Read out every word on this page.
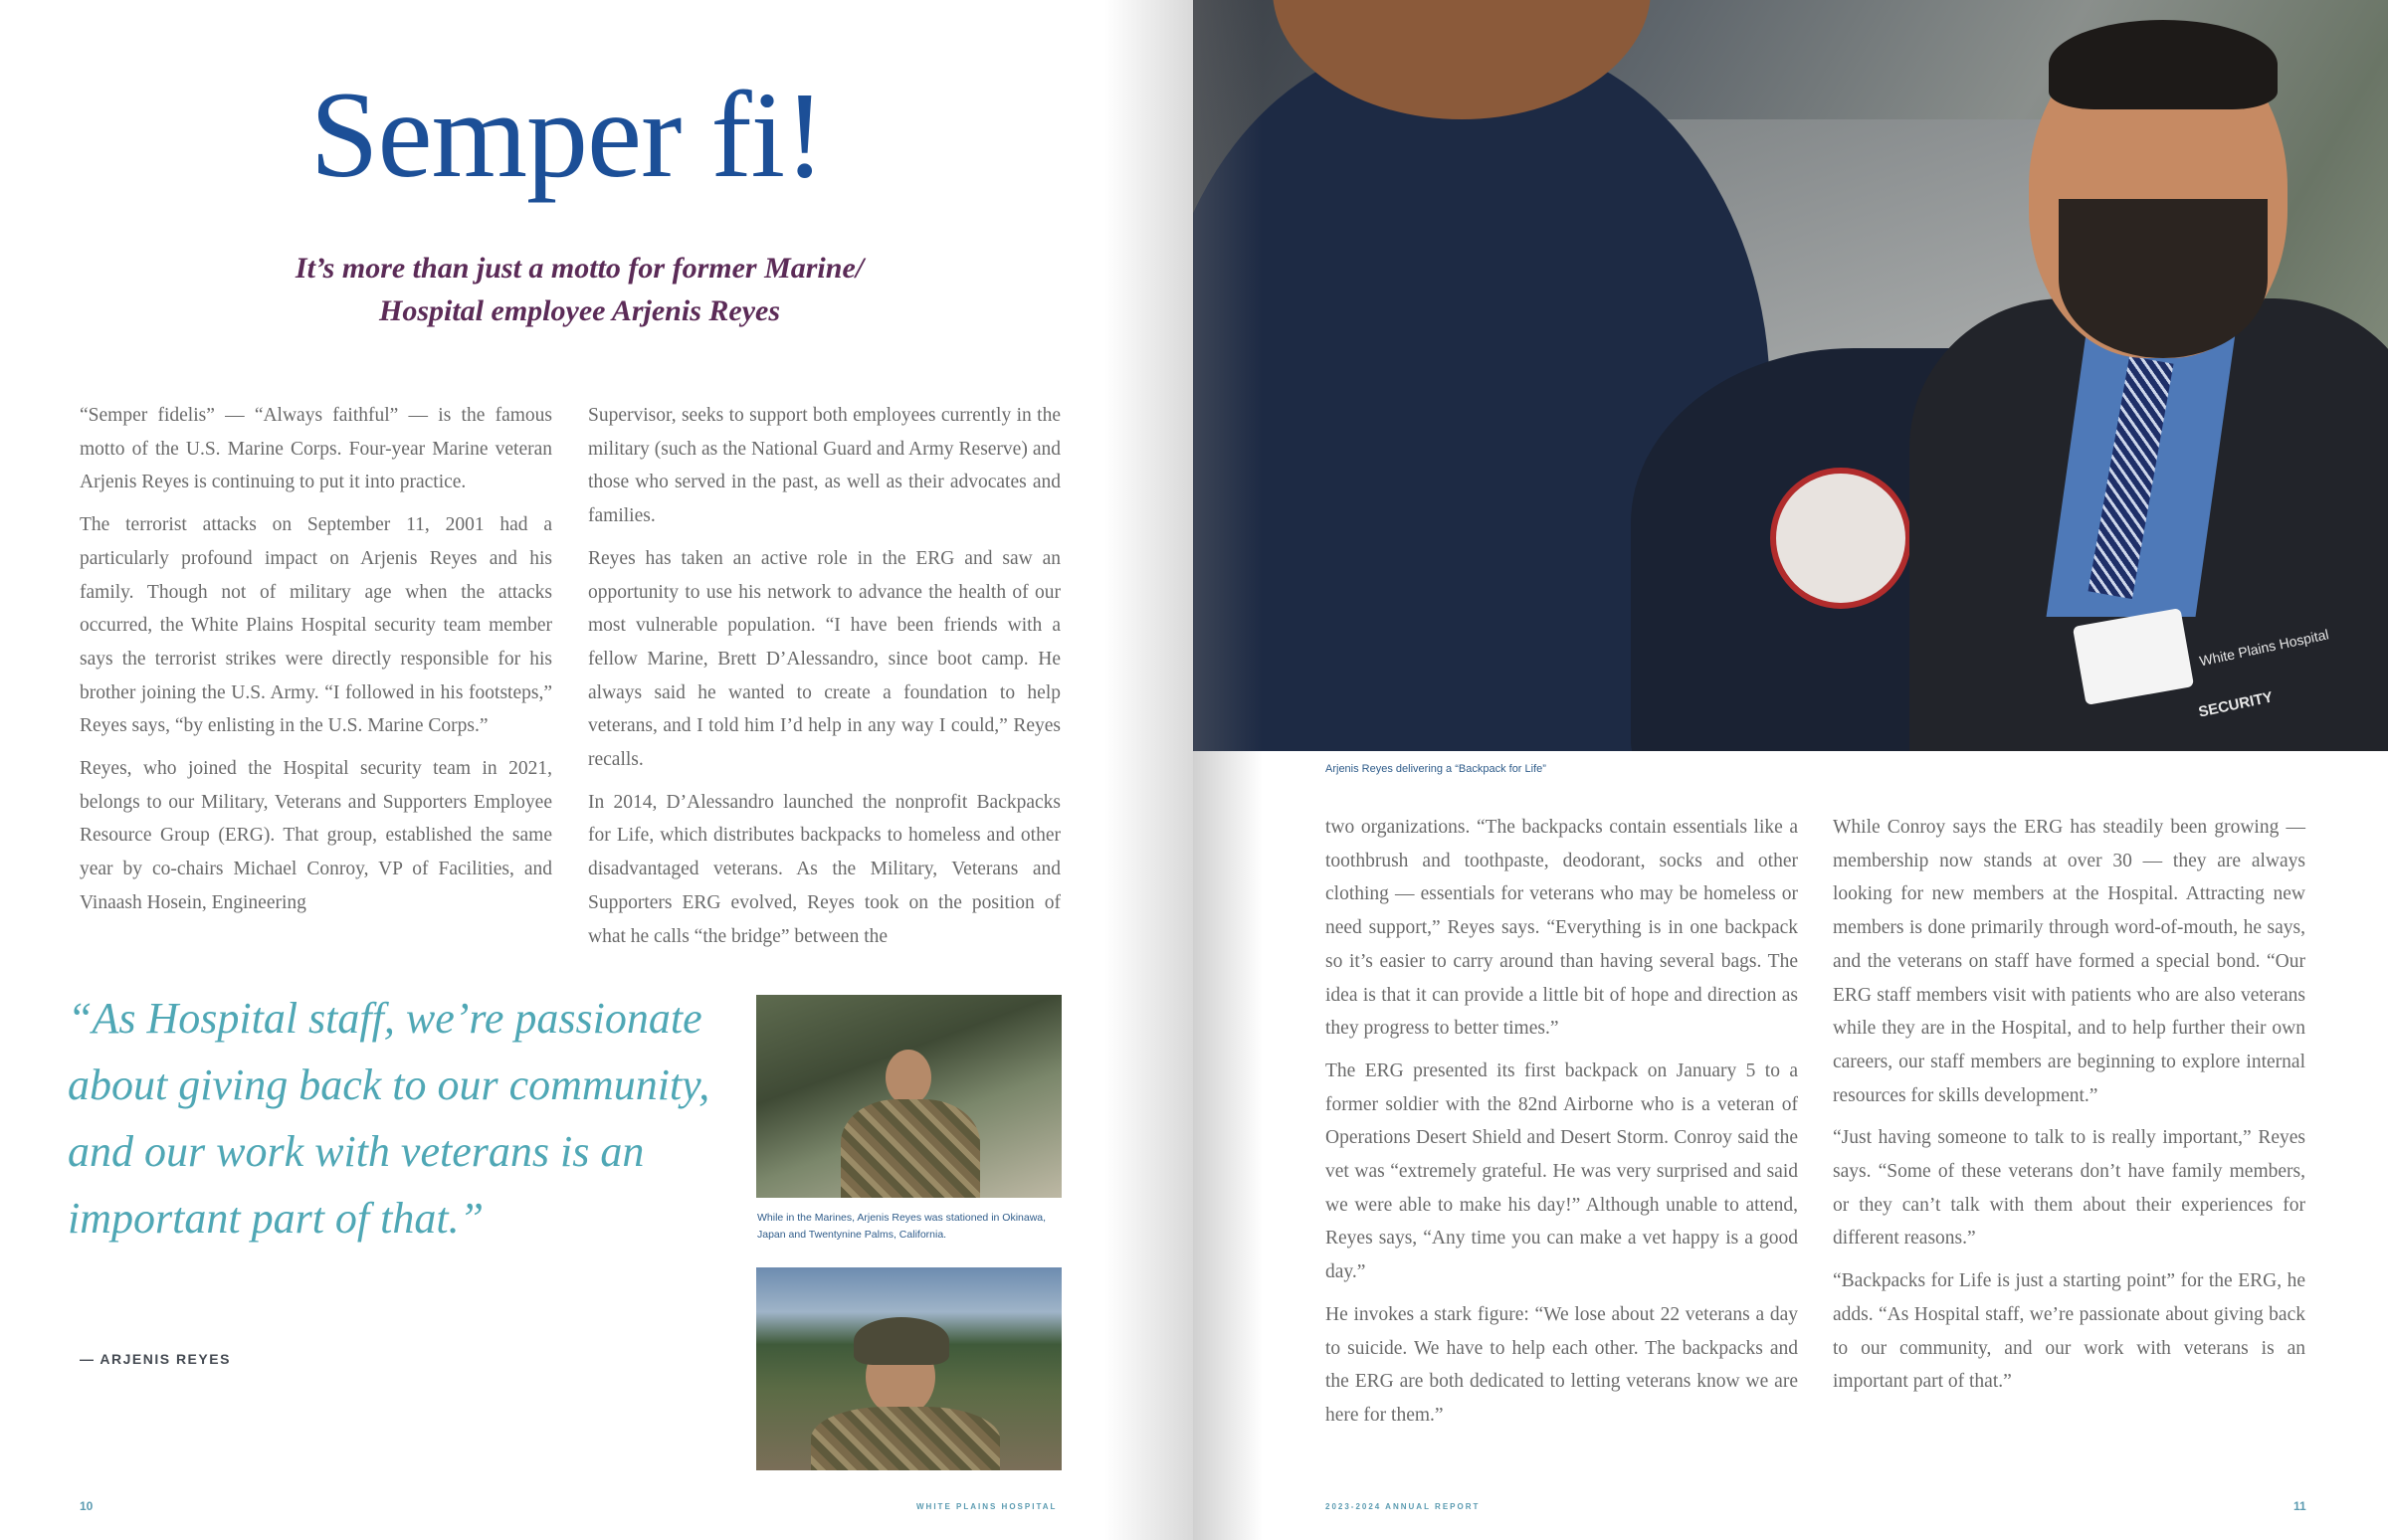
Semper fi!
It’s more than just a motto for former Marine/
Hospital employee Arjenis Reyes

“Semper fidelis” — “Always faithful” — is the famous motto of the U.S. Marine Corps. Four-year Marine veteran Arjenis Reyes is continuing to put it into practice.

The terrorist attacks on September 11, 2001 had a particularly profound impact on Arjenis Reyes and his family. Though not of military age when the attacks occurred, the White Plains Hospital security team member says the terrorist strikes were directly responsible for his brother joining the U.S. Army. “I followed in his footsteps,” Reyes says, “by enlisting in the U.S. Marine Corps.”

Reyes, who joined the Hospital security team in 2021, belongs to our Military, Veterans and Supporters Employee Resource Group (ERG). That group, established the same year by co-chairs Michael Conroy, VP of Facilities, and Vinaash Hosein, Engineering

Supervisor, seeks to support both employees currently in the military (such as the National Guard and Army Reserve) and those who served in the past, as well as their advocates and families.

Reyes has taken an active role in the ERG and saw an opportunity to use his network to advance the health of our most vulnerable population. “I have been friends with a fellow Marine, Brett D’Alessandro, since boot camp. He always said he wanted to create a foundation to help veterans, and I told him I’d help in any way I could,” Reyes recalls.

In 2014, D’Alessandro launched the nonprofit Backpacks for Life, which distributes backpacks to homeless and other disadvantaged veterans. As the Military, Veterans and Supporters ERG evolved, Reyes took on the position of what he calls “the bridge” between the

“As Hospital staff, we’re passionate about giving back to our community, and our work with veterans is an important part of that.”
— ARJENIS REYES
While in the Marines, Arjenis Reyes was stationed in Okinawa, Japan and Twentynine Palms, California.
10	WHITE PLAINS HOSPITAL
White Plains Hospital
SECURITY
Arjenis Reyes delivering a “Backpack for Life”

two organizations. “The backpacks contain essentials like a toothbrush and toothpaste, deodorant, socks and other clothing — essentials for veterans who may be homeless or need support,” Reyes says. “Everything is in one backpack so it’s easier to carry around than having several bags. The idea is that it can provide a little bit of hope and direction as they progress to better times.”

The ERG presented its first backpack on January 5 to a former soldier with the 82nd Airborne who is a veteran of Operations Desert Shield and Desert Storm. Conroy said the vet was “extremely grateful. He was very surprised and said we were able to make his day!” Although unable to attend, Reyes says, “Any time you can make a vet happy is a good day.”

He invokes a stark figure: “We lose about 22 veterans a day to suicide. We have to help each other. The backpacks and the ERG are both dedicated to letting veterans know we are here for them.”

While Conroy says the ERG has steadily been growing — membership now stands at over 30 — they are always looking for new members at the Hospital. Attracting new members is done primarily through word-of-mouth, he says, and the veterans on staff have formed a special bond. “Our ERG staff members visit with patients who are also veterans while they are in the Hospital, and to help further their own careers, our staff members are beginning to explore internal resources for skills development.”

“Just having someone to talk to is really important,” Reyes says. “Some of these veterans don’t have family members, or they can’t talk with them about their experiences for different reasons.”

“Backpacks for Life is just a starting point” for the ERG, he adds. “As Hospital staff, we’re passionate about giving back to our community, and our work with veterans is an important part of that.”

2023-2024 ANNUAL REPORT	11
